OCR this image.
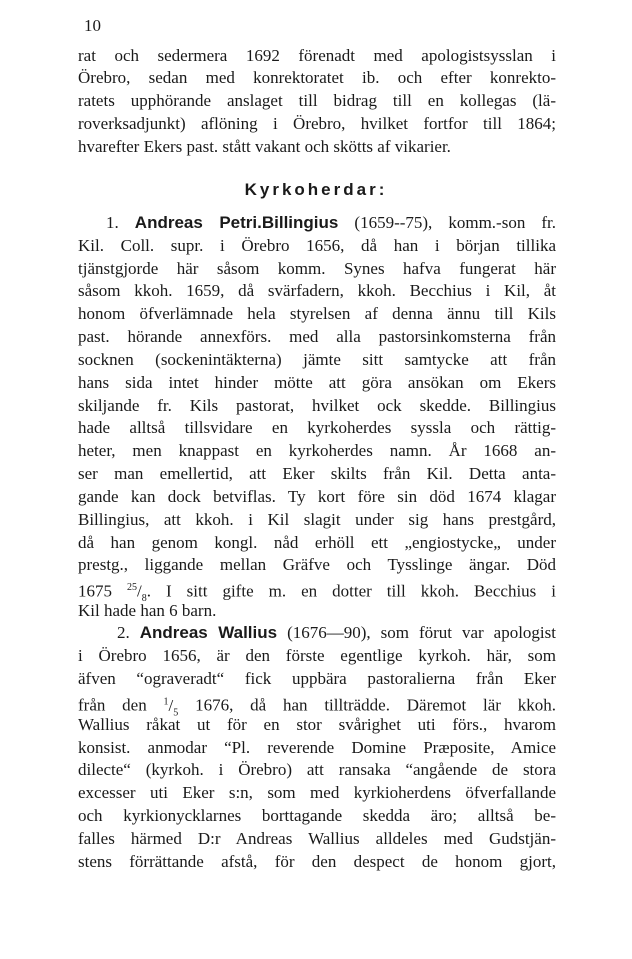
10
rat och sedermera 1692 förenadt med apologistsysslan i
Örebro, sedan med konrektoratet ib. och efter konrekto-
ratets upphörande anslaget till bidrag till en kollegas (lä-
roverksadjunkt) aflöning i Örebro, hvilket fortfor till 1864;
hvarefter Ekers past. stått vakant och skötts af vikarier.
Kyrkoherdar:
1. Andreas Petri.Billingius (1659--75), komm.-son fr.
Kil. Coll. supr. i Örebro 1656, då han i början tillika
tjänstgjorde här såsom komm. Synes hafva fungerat här
såsom kkoh. 1659, då svärfadern, kkoh. Becchius i Kil, åt
honom öfverlämnade hela styrelsen af denna ännu till Kils
past. hörande annexförs. med alla pastorsinkomsterna från
socknen (sockenintäkterna) jämte sitt samtycke att från
hans sida intet hinder mötte att göra ansökan om Ekers
skiljande fr. Kils pastorat, hvilket ock skedde. Billingius
hade alltså tillsvidare en kyrkoherdes syssla och rättig-
heter, men knappast en kyrkoherdes namn. År 1668 an-
ser man emellertid, att Eker skilts från Kil. Detta anta-
gande kan dock betviflas. Ty kort före sin död 1674 klagar
Billingius, att kkoh. i Kil slagit under sig hans prestgård,
då han genom kongl. nåd erhöll ett „engiostycke„ under
prestg., liggande mellan Gräfve och Tysslinge ängar. Död
1675 $^{25}/_8$. I sitt gifte m. en dotter till kkoh. Becchius i
Kil hade han 6 barn.
2. Andreas Wallius (1676—90), som förut var apologist
i Örebro 1656, är den förste egentlige kyrkoh. här, som
äfven “ograveradt“ fick uppbära pastoralierna från Eker
från den $^1/_5$ 1676, då han tillträdde. Däremot lär kkoh.
Wallius råkat ut för en stor svårighet uti förs., hvarom
konsist. anmodar “Pl. reverende Domine Præposite, Amice
dilecte“ (kyrkoh. i Örebro) att ransaka “angående de stora
excesser uti Eker s:n, som med kyrkioherdens öfverfallande
och kyrkionycklarnes borttagande skedda äro; alltså be-
falles härmed D:r Andreas Wallius alldeles med Gudstjän-
stens förrättande afstå, för den despect de honom gjort,
